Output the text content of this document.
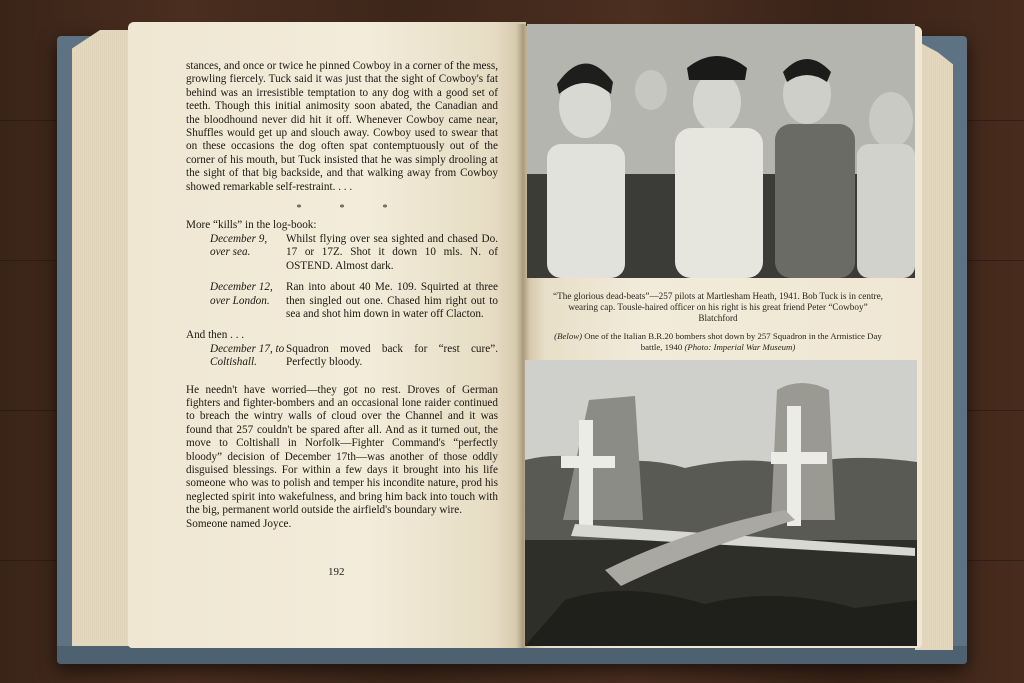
stances, and once or twice he pinned Cowboy in a corner of the mess, growling fiercely. Tuck said it was just that the sight of Cowboy's fat behind was an irresistible temptation to any dog with a good set of teeth. Though this initial animosity soon abated, the Canadian and the bloodhound never did hit it off. Whenever Cowboy came near, Shuffles would get up and slouch away. Cowboy used to swear that on these occasions the dog often spat contemptuously out of the corner of his mouth, but Tuck insisted that he was simply drooling at the sight of that big backside, and that walking away from Cowboy showed remarkable self-restraint. . . .

*	*	*

More “kills” in the log-book:

December 9, over sea.
Whilst flying over sea sighted and chased Do. 17 or 17Z. Shot it down 10 mls. N. of OSTEND. Almost dark.
December 12, over London.
Ran into about 40 Me. 109. Squirted at three then singled out one. Chased him right out to sea and shot him down in water off Clacton.

And then . . .

December 17, to Coltishall.
Squadron moved back for “rest cure”. Perfectly bloody.

He needn't have worried—they got no rest. Droves of German fighters and fighter-bombers and an occasional lone raider continued to breach the wintry walls of cloud over the Channel and it was found that 257 couldn't be spared after all. And as it turned out, the move to Coltishall in Norfolk—Fighter Command's “perfectly bloody” decision of December 17th—was another of those oddly disguised blessings. For within a few days it brought into his life someone who was to polish and temper his incondite nature, prod his neglected spirit into wakefulness, and bring him back into touch with the big, permanent world outside the airfield's boundary wire.

Someone named Joyce.

192
“The glorious dead-beats”—257 pilots at Martlesham Heath, 1941. Bob Tuck is in centre, wearing cap. Tousle-haired officer on his right is his great friend Peter “Cowboy” Blatchford
(Below) One of the Italian B.R.20 bombers shot down by 257 Squadron in the Armistice Day battle, 1940 (Photo: Imperial War Museum)
